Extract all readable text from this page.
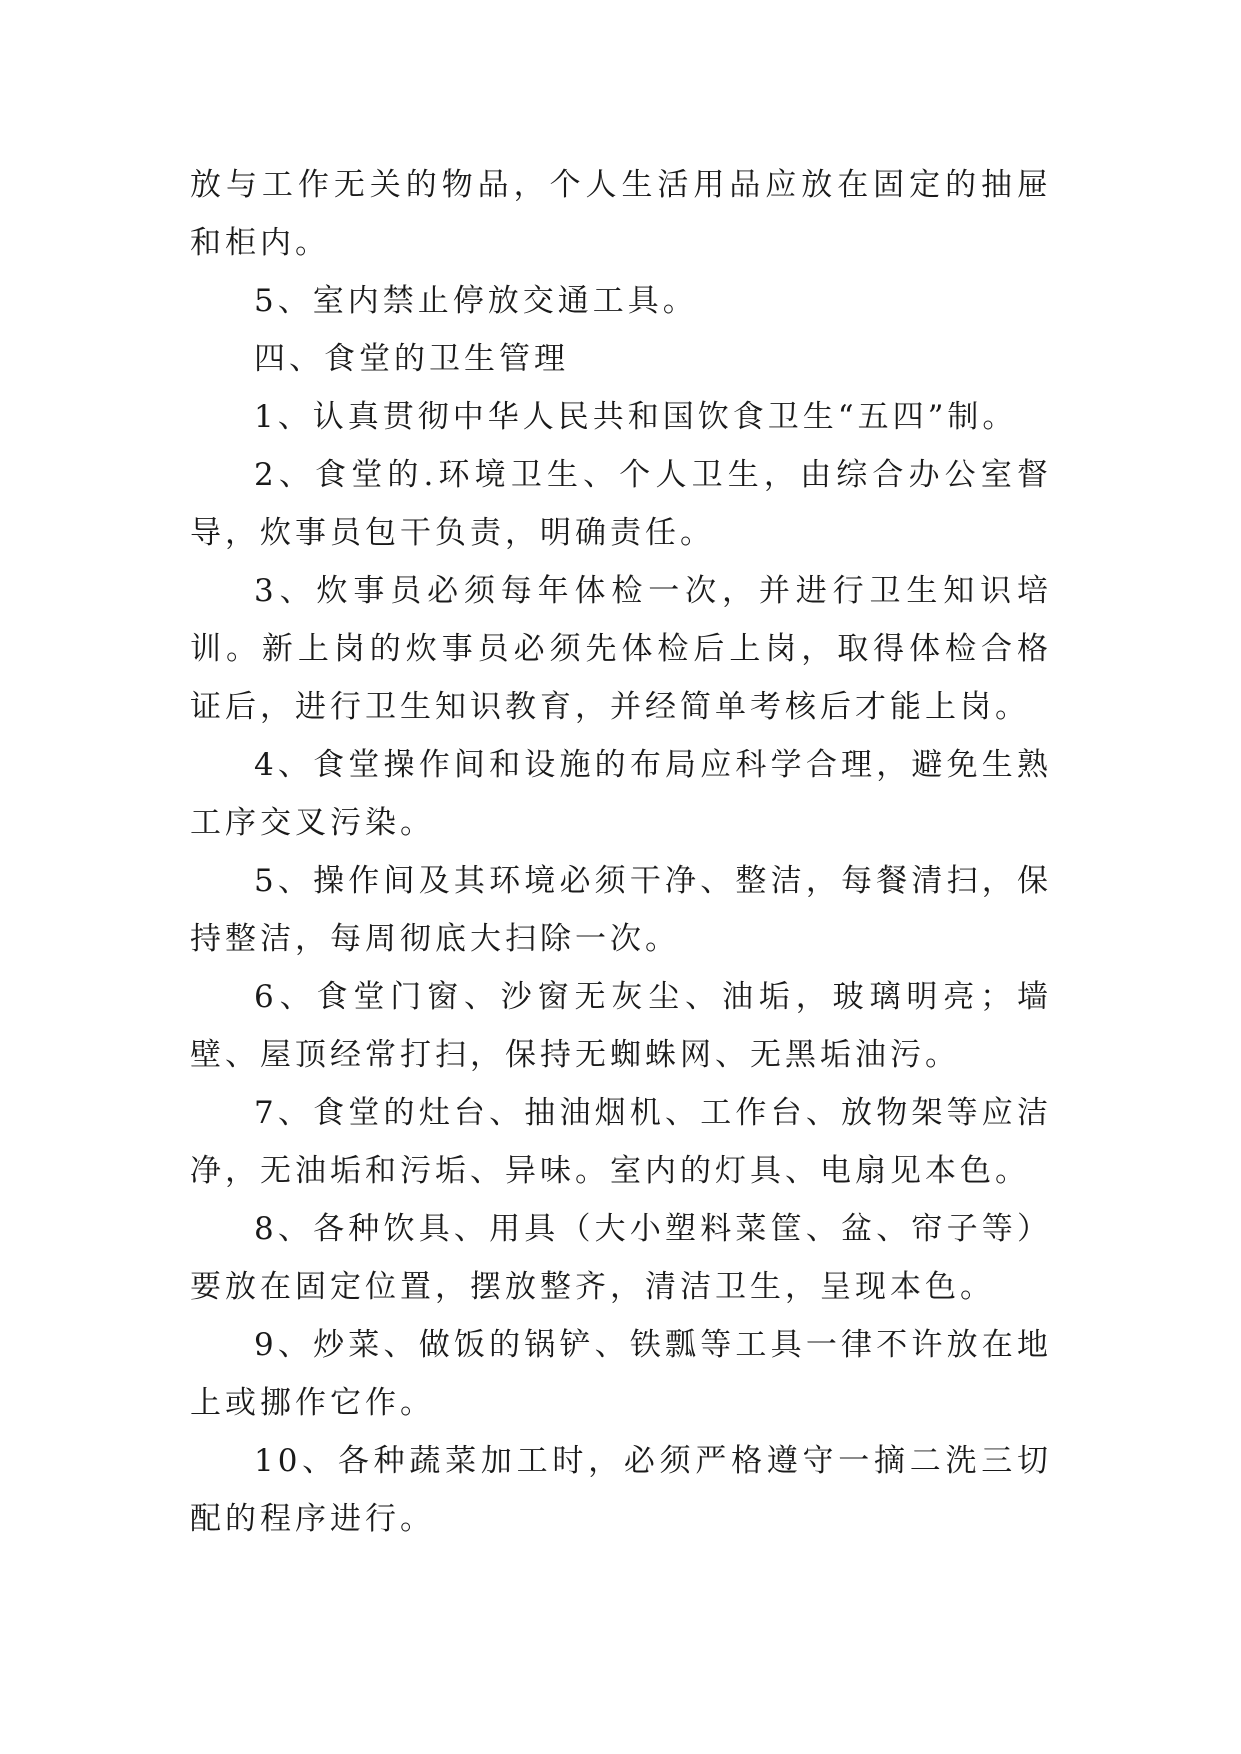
放与工作无关的物品，个人生活用品应放在固定的抽屉和柜内。

5、室内禁止停放交通工具。

四、食堂的卫生管理

1、认真贯彻中华人民共和国饮食卫生“五四”制。

2、食堂的.环境卫生、个人卫生，由综合办公室督导，炊事员包干负责，明确责任。

3、炊事员必须每年体检一次，并进行卫生知识培训。新上岗的炊事员必须先体检后上岗，取得体检合格证后，进行卫生知识教育，并经简单考核后才能上岗。

4、食堂操作间和设施的布局应科学合理，避免生熟工序交叉污染。

5、操作间及其环境必须干净、整洁，每餐清扫，保持整洁，每周彻底大扫除一次。

6、食堂门窗、沙窗无灰尘、油垢，玻璃明亮；墙壁、屋顶经常打扫，保持无蜘蛛网、无黑垢油污。

7、食堂的灶台、抽油烟机、工作台、放物架等应洁净，无油垢和污垢、异味。室内的灯具、电扇见本色。

8、各种饮具、用具（大小塑料菜筐、盆、帘子等）要放在固定位置，摆放整齐，清洁卫生，呈现本色。

9、炒菜、做饭的锅铲、铁瓢等工具一律不许放在地上或挪作它作。

10、各种蔬菜加工时，必须严格遵守一摘二洗三切配的程序进行。
